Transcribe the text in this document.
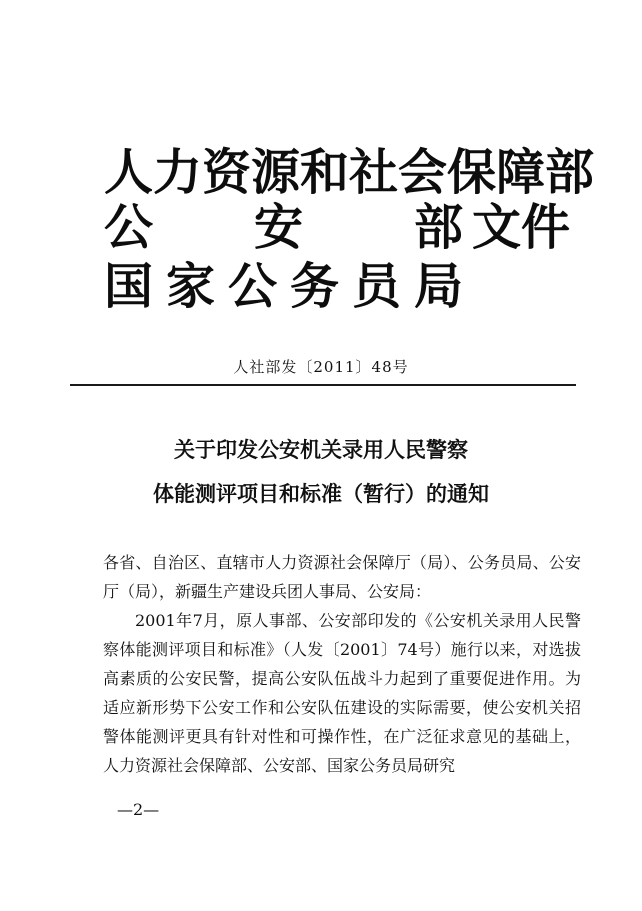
人力资源和社会保障部
公 安 部 文件
国 家 公 务 员 局
人社部发〔2011〕48号
关于印发公安机关录用人民警察
体能测评项目和标准（暂行）的通知
各省、自治区、直辖市人力资源社会保障厅（局）、公务员局、公安厅（局），新疆生产建设兵团人事局、公安局：
2001年7月，原人事部、公安部印发的《公安机关录用人民警察体能测评项目和标准》（人发〔2001〕74号）施行以来，对选拔高素质的公安民警，提高公安队伍战斗力起到了重要促进作用。为适应新形势下公安工作和公安队伍建设的实际需要，使公安机关招警体能测评更具有针对性和可操作性，在广泛征求意见的基础上，人力资源社会保障部、公安部、国家公务员局研究
—2—
